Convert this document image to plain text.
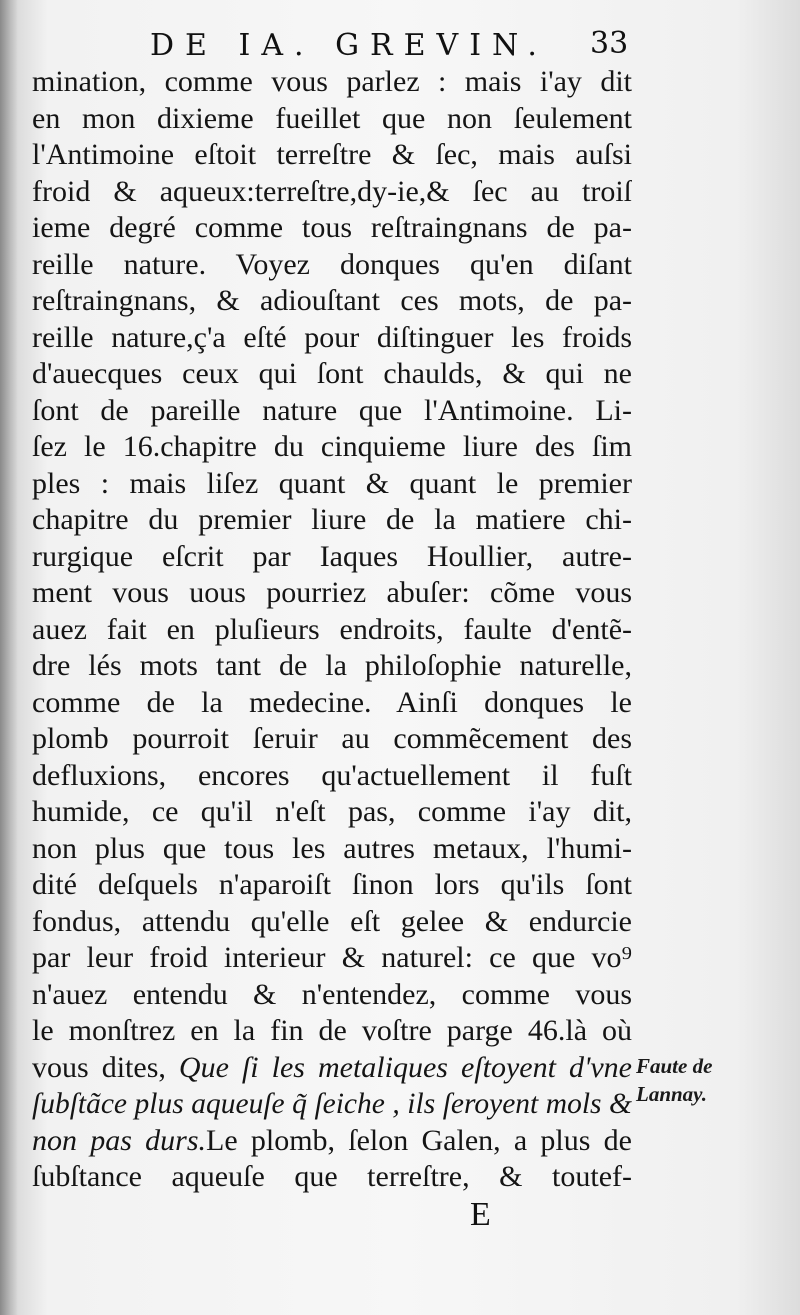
DE IA. GREVIN. 33
mination, comme vous parlez : mais i'ay dit
en mon dixieme fueillet que non ſeulement
l'Antimoine eſtoit terreſtre & ſec, mais auſsi
froid & aqueux:terreſtre,dy-ie,& ſec au troiſ
ieme degré comme tous reſtraingnans de pa-
reille nature. Voyez donques qu'en diſant
reſtraingnans, & adiouſtant ces mots, de pa-
reille nature,ç'a eſté pour diſtinguer les froids
d'auecques ceux qui ſont chaulds, & qui ne
ſont de pareille nature que l'Antimoine. Li-
ſez le 16.chapitre du cinquieme liure des ſim
ples : mais liſez quant & quant le premier
chapitre du premier liure de la matiere chi-
rurgique eſcrit par Iaques Houllier, autre-
ment vous uous pourriez abuſer: cõme vous
auez fait en pluſieurs endroits, faulte d'entẽ-
dre lés mots tant de la philoſophie naturelle,
comme de la medecine. Ainſi donques le
plomb pourroit ſeruir au commẽcement des
defluxions, encores qu'actuellement il fuſt
humide, ce qu'il n'eſt pas, comme i'ay dit,
non plus que tous les autres metaux, l'humi-
dité deſquels n'aparoiſt ſinon lors qu'ils ſont
fondus, attendu qu'elle eſt gelee & endurcie
par leur froid interieur & naturel: ce que vo⁹
n'auez entendu & n'entendez, comme vous
le monſtrez en la fin de voſtre parge 46.là où
vous dites, Que ſi les metaliques eſtoyent d'vne
ſubſtãce plus aqueuſe q̃ ſeiche , ils ſeroyent mols &
non pas durs.Le plomb, ſelon Galen, a plus de
ſubſtance aqueuſe que terreſtre, & toutef-
Faute de
Lannay.
E
